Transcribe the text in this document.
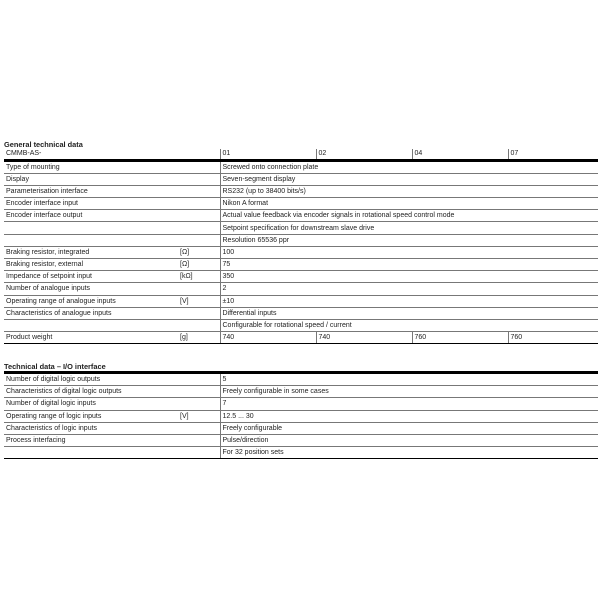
General technical data
CMMB-AS-	01	02	04	07
Type of mounting	Screwed onto connection plate			
Display	Seven-segment display			
Parameterisation interface	RS232 (up to 38400 bits/s)			
Encoder interface input	Nikon A format			
Encoder interface output	Actual value feedback via encoder signals in rotational speed control mode			
	Setpoint specification for downstream slave drive			
	Resolution 65536 ppr			
Braking resistor, integrated [Ω]	100			
Braking resistor, external [Ω]	75			
Impedance of setpoint input [kΩ]	350			
Number of analogue inputs	2			
Operating range of analogue inputs [V]	±10			
Characteristics of analogue inputs	Differential inputs			
	Configurable for rotational speed / current			
Product weight [g]	740	740	760	760
Technical data – I/O interface
Number of digital logic outputs	5
Characteristics of digital logic outputs	Freely configurable in some cases
Number of digital logic inputs	7
Operating range of logic inputs [V]	12.5 ... 30
Characteristics of logic inputs	Freely configurable
Process interfacing	Pulse/direction
	For 32 position sets
